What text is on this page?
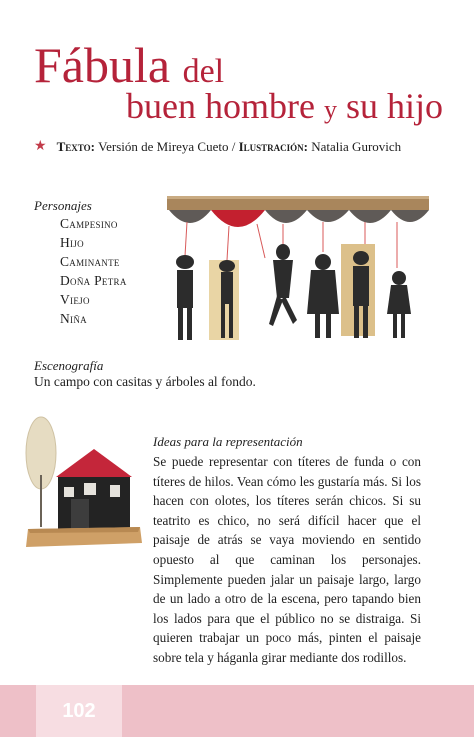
Fábula del
buen hombre y su hijo
★ Texto:
Versión de Mireya Cueto /
Ilustración:
Natalia Gurovich
Personajes
Campesino
Hijo
Caminante
Doña Petra
Viejo
Niña
Escenografía
Un campo con casitas y árboles al fondo.
Ideas para la representación
Se puede representar con títeres de funda o con títeres de hilos. Vean cómo les gustaría más. Si los hacen con olotes, los títeres serán chicos. Si su teatrito es chico, no será difícil hacer que el paisaje de atrás se vaya moviendo en sentido opuesto al que caminan los personajes. Simplemente pueden jalar un paisaje largo, largo de un lado a otro de la escena, pero tapando bien los lados para que el público no se distraiga. Si quieren trabajar un poco más, pinten el paisaje sobre tela y háganla girar mediante dos rodillos.
102
